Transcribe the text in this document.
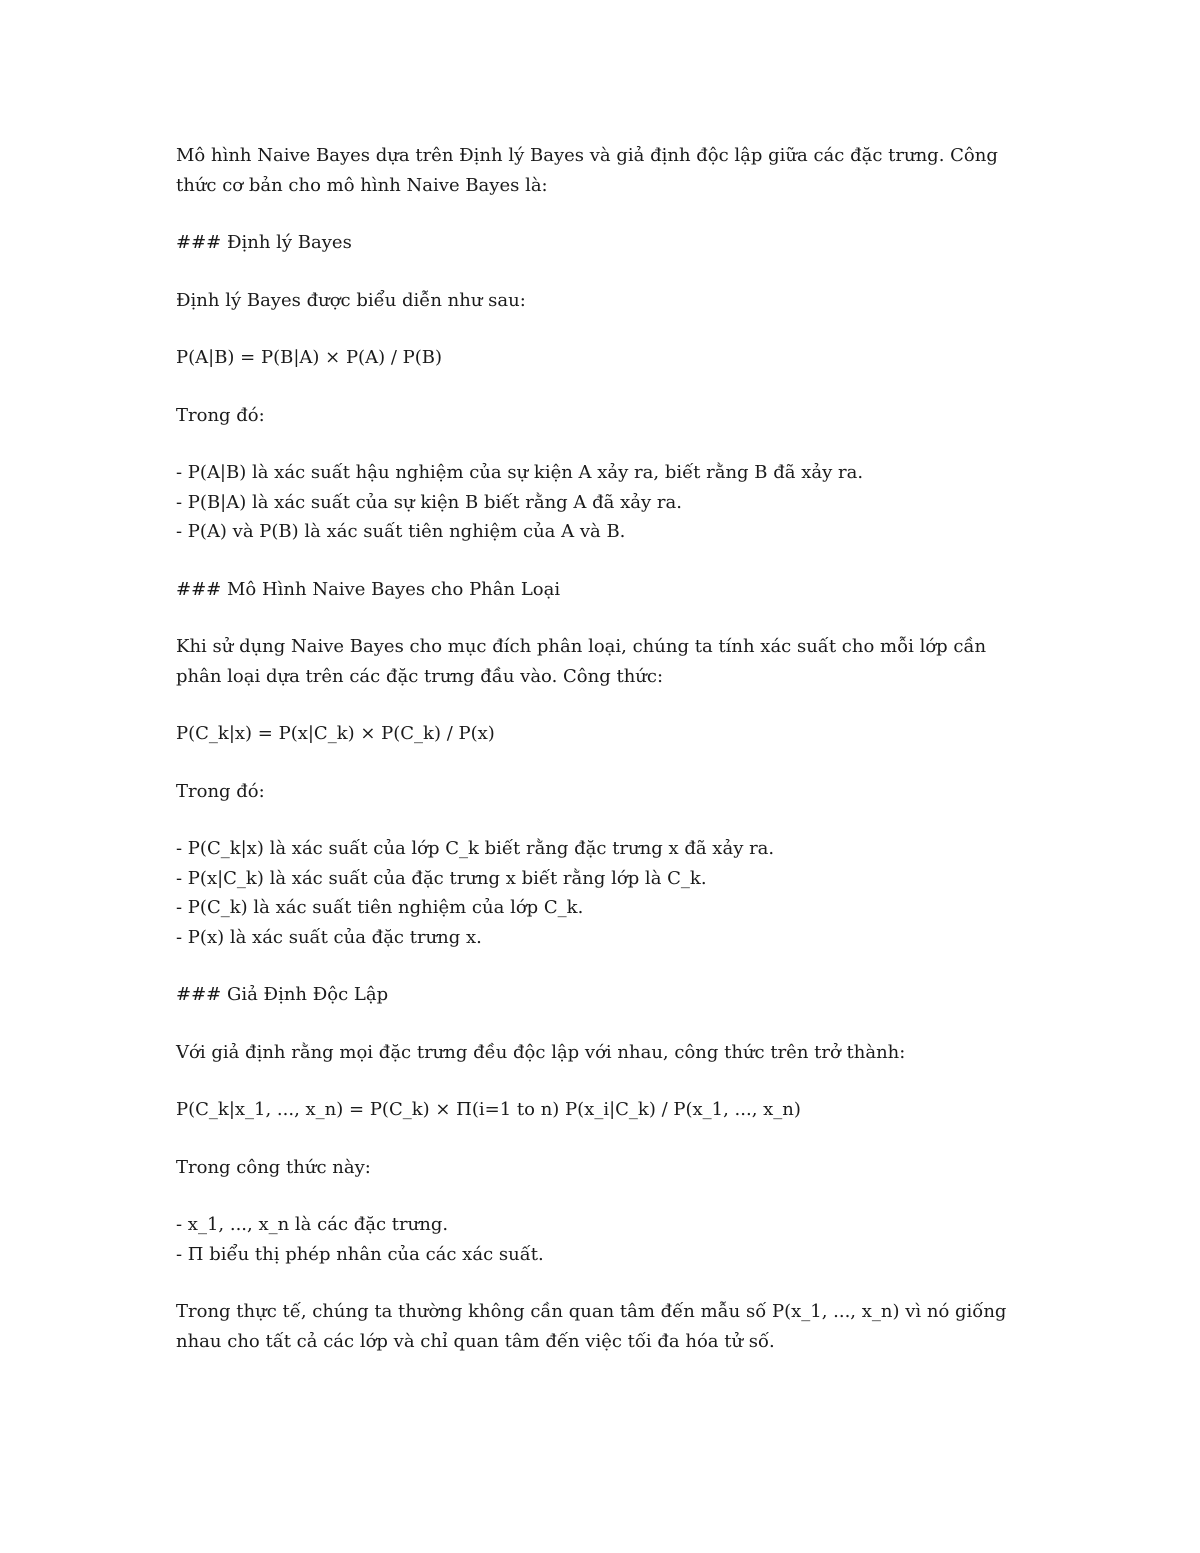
Mô hình Naive Bayes dựa trên Định lý Bayes và giả định độc lập giữa các đặc trưng. Công thức cơ bản cho mô hình Naive Bayes là:

### Định lý Bayes

Định lý Bayes được biểu diễn như sau:

P(A|B) = P(B|A) × P(A) / P(B)

Trong đó:

- P(A|B) là xác suất hậu nghiệm của sự kiện A xảy ra, biết rằng B đã xảy ra.
- P(B|A) là xác suất của sự kiện B biết rằng A đã xảy ra.
- P(A) và P(B) là xác suất tiên nghiệm của A và B.

### Mô Hình Naive Bayes cho Phân Loại

Khi sử dụng Naive Bayes cho mục đích phân loại, chúng ta tính xác suất cho mỗi lớp cần phân loại dựa trên các đặc trưng đầu vào. Công thức:

P(C_k|x) = P(x|C_k) × P(C_k) / P(x)

Trong đó:

- P(C_k|x) là xác suất của lớp C_k biết rằng đặc trưng x đã xảy ra.
- P(x|C_k) là xác suất của đặc trưng x biết rằng lớp là C_k.
- P(C_k) là xác suất tiên nghiệm của lớp C_k.
- P(x) là xác suất của đặc trưng x.

### Giả Định Độc Lập

Với giả định rằng mọi đặc trưng đều độc lập với nhau, công thức trên trở thành:

P(C_k|x_1, ..., x_n) = P(C_k) × Π(i=1 to n) P(x_i|C_k) / P(x_1, ..., x_n)

Trong công thức này:

- x_1, ..., x_n là các đặc trưng.
- Π biểu thị phép nhân của các xác suất.

Trong thực tế, chúng ta thường không cần quan tâm đến mẫu số P(x_1, ..., x_n) vì nó giống nhau cho tất cả các lớp và chỉ quan tâm đến việc tối đa hóa tử số.
